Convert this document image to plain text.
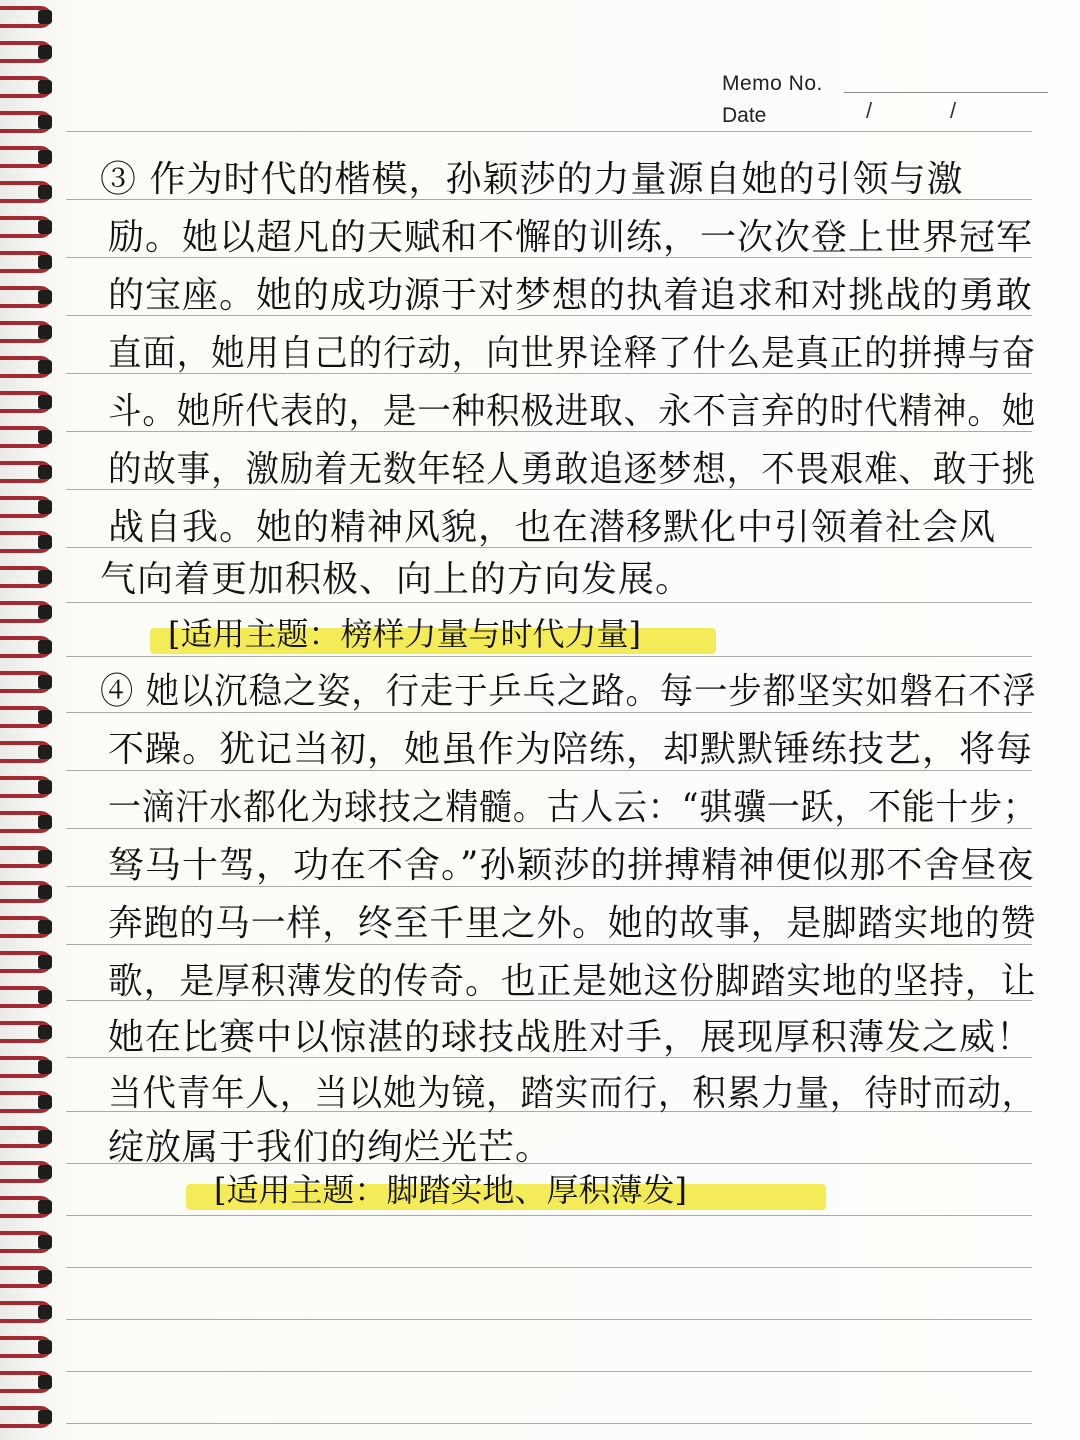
Memo No.
Date	/	/
③ 作为时代的楷模，孙颖莎的力量源自她的引领与激
励。她以超凡的天赋和不懈的训练，一次次登上世界冠军
的宝座。她的成功源于对梦想的执着追求和对挑战的勇敢
直面，她用自己的行动，向世界诠释了什么是真正的拼搏与奋
斗。她所代表的，是一种积极进取、永不言弃的时代精神。她
的故事，激励着无数年轻人勇敢追逐梦想，不畏艰难、敢于挑
战自我。她的精神风貌，也在潜移默化中引领着社会风
气向着更加积极、向上的方向发展。
[适用主题：榜样力量与时代力量]
④ 她以沉稳之姿，行走于乒乓之路。每一步都坚实如磐石不浮
不躁。犹记当初，她虽作为陪练，却默默锤练技艺，将每
一滴汗水都化为球技之精髓。古人云：“骐骥一跃，不能十步；
驽马十驾，功在不舍。”孙颖莎的拼搏精神便似那不舍昼夜
奔跑的马一样，终至千里之外。她的故事，是脚踏实地的赞
歌，是厚积薄发的传奇。也正是她这份脚踏实地的坚持，让
她在比赛中以惊湛的球技战胜对手，展现厚积薄发之威！
当代青年人，当以她为镜，踏实而行，积累力量，待时而动，
绽放属于我们的绚烂光芒。
[适用主题：脚踏实地、厚积薄发]
